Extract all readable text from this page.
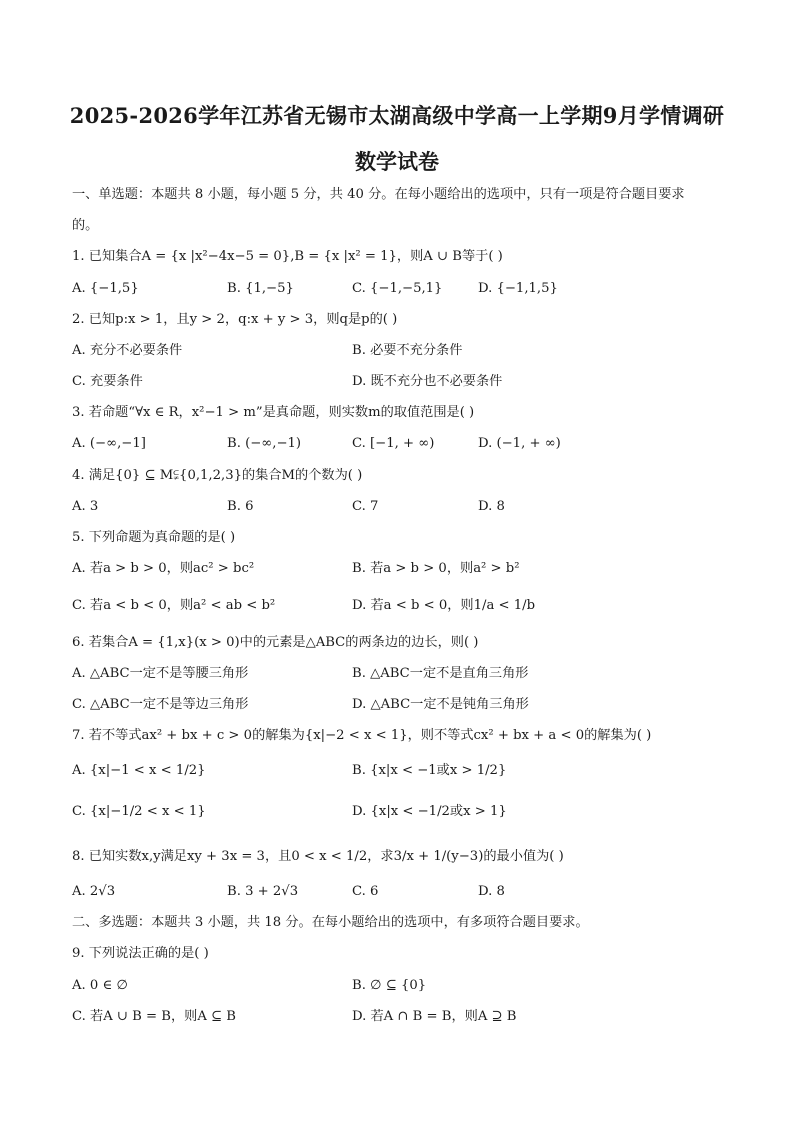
2025-2026学年江苏省无锡市太湖高级中学高一上学期9月学情调研
数学试卷
一、单选题：本题共 8 小题，每小题 5 分，共 40 分。在每小题给出的选项中，只有一项是符合题目要求
的。
1. 已知集合A = {x |x²−4x−5 = 0},B = {x |x² = 1}，则A ∪ B等于( )
A. {−1,5}	B. {1,−5}	C. {−1,−5,1}	D. {−1,1,5}
2. 已知p:x > 1，且y > 2，q:x + y > 3，则q是p的( )
A. 充分不必要条件	B. 必要不充分条件
C. 充要条件	D. 既不充分也不必要条件
3. 若命题“∀x ∈ R，x²−1 > m”是真命题，则实数m的取值范围是( )
A. (−∞,−1]	B. (−∞,−1)	C. [−1, + ∞)	D. (−1, + ∞)
4. 满足{0} ⊆ M⫋{0,1,2,3}的集合M的个数为( )
A. 3	B. 6	C. 7	D. 8
5. 下列命题为真命题的是( )
A. 若a > b > 0，则ac² > bc²	B. 若a > b > 0，则a² > b²
C. 若a < b < 0，则a² < ab < b²	D. 若a < b < 0，则1/a < 1/b
6. 若集合A = {1,x}(x > 0)中的元素是△ABC的两条边的边长，则( )
A. △ABC一定不是等腰三角形	B. △ABC一定不是直角三角形
C. △ABC一定不是等边三角形	D. △ABC一定不是钝角三角形
7. 若不等式ax² + bx + c > 0的解集为{x|−2 < x < 1}，则不等式cx² + bx + a < 0的解集为( )
A. {x|−1 < x < 1/2}	B. {x|x < −1或x > 1/2}
C. {x|−1/2 < x < 1}	D. {x|x < −1/2或x > 1}
8. 已知实数x,y满足xy + 3x = 3，且0 < x < 1/2，求3/x + 1/(y−3)的最小值为( )
A. 2√3	B. 3 + 2√3	C. 6	D. 8
二、多选题：本题共 3 小题，共 18 分。在每小题给出的选项中，有多项符合题目要求。
9. 下列说法正确的是( )
A. 0 ∈ ∅	B. ∅ ⊆ {0}
C. 若A ∪ B = B，则A ⊆ B	D. 若A ∩ B = B，则A ⊇ B
